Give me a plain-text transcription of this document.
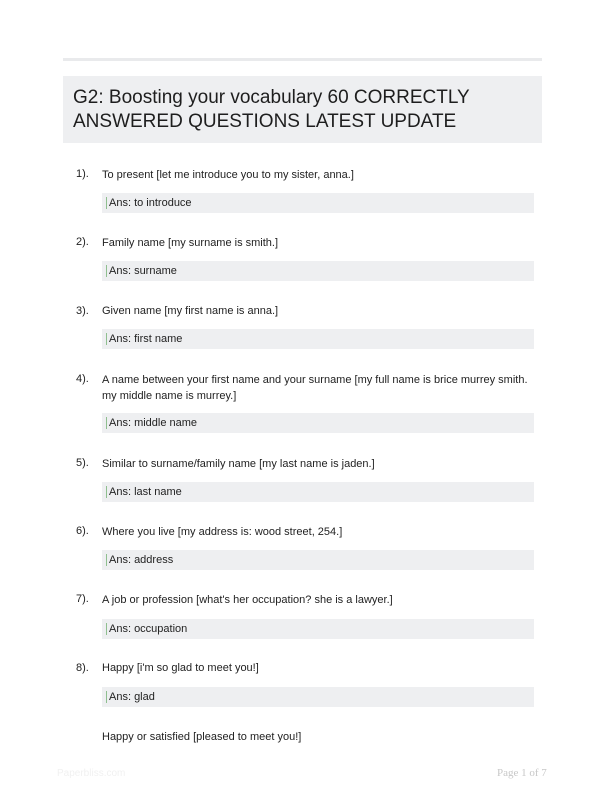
G2: Boosting your vocabulary 60 CORRECTLY ANSWERED QUESTIONS LATEST UPDATE
1). To present [let me introduce you to my sister, anna.]
Ans: to introduce
2). Family name [my surname is smith.]
Ans: surname
3). Given name [my first name is anna.]
Ans: first name
4). A name between your first name and your surname [my full name is brice murrey smith. my middle name is murrey.]
Ans: middle name
5). Similar to surname/family name [my last name is jaden.]
Ans: last name
6). Where you live [my address is: wood street, 254.]
Ans: address
7). A job or profession [what's her occupation? she is a lawyer.]
Ans: occupation
8). Happy [i'm so glad to meet you!]
Ans: glad
Happy or satisfied [pleased to meet you!]
Paperbliss.com	Page 1 of 7
